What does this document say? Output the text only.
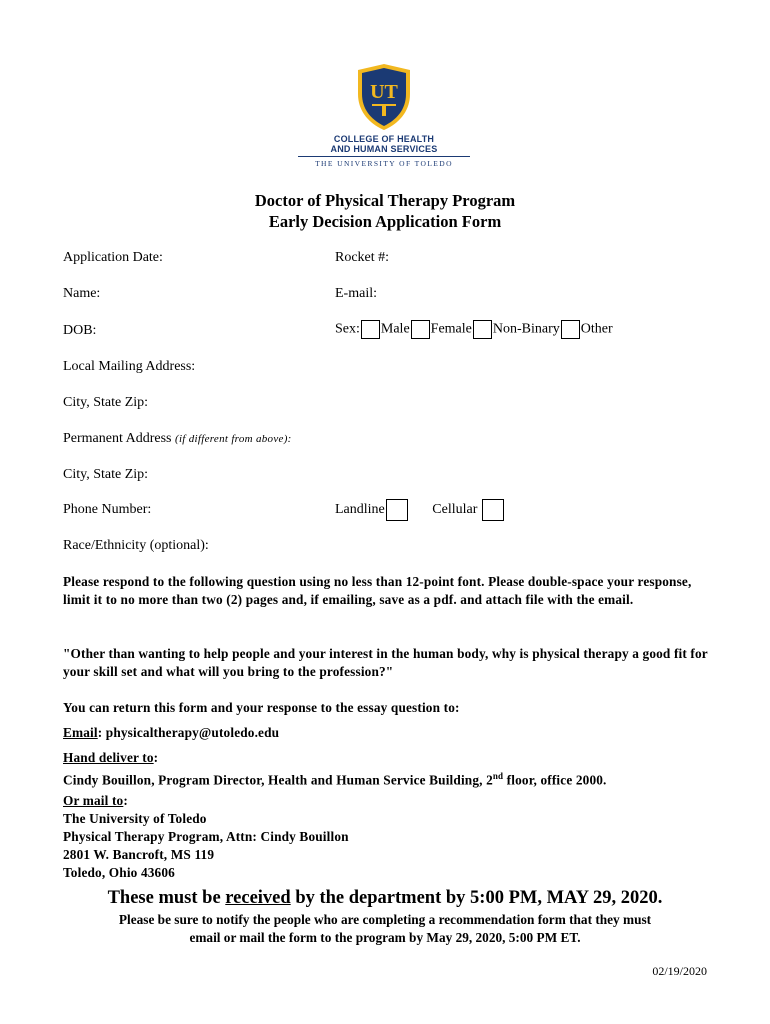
UT
COLLEGE OF HEALTH
AND HUMAN SERVICES
THE UNIVERSITY OF TOLEDO
Doctor of Physical Therapy Program
Early Decision Application Form
Application Date:	Rocket #:
Name:	E-mail:
DOB:	Sex: Male Female Non-Binary Other
Local Mailing Address:
City, State Zip:
Permanent Address (if different from above):
City, State Zip:
Phone Number:	Landline	Cellular
Race/Ethnicity (optional):
Please respond to the following question using no less than 12-point font. Please double-space your response, limit it to no more than two (2) pages and, if emailing, save as a pdf. and attach file with the email.
"Other than wanting to help people and your interest in the human body, why is physical therapy a good fit for your skill set and what will you bring to the profession?"
You can return this form and your response to the essay question to:
Email: physicaltherapy@utoledo.edu
Hand deliver to:
Cindy Bouillon, Program Director, Health and Human Service Building, 2nd floor, office 2000.
Or mail to:
The University of Toledo
Physical Therapy Program, Attn: Cindy Bouillon
2801 W. Bancroft, MS 119
Toledo, Ohio 43606
These must be received by the department by 5:00 PM, MAY 29, 2020.
Please be sure to notify the people who are completing a recommendation form that they must
email or mail the form to the program by May 29, 2020, 5:00 PM ET.
02/19/2020
